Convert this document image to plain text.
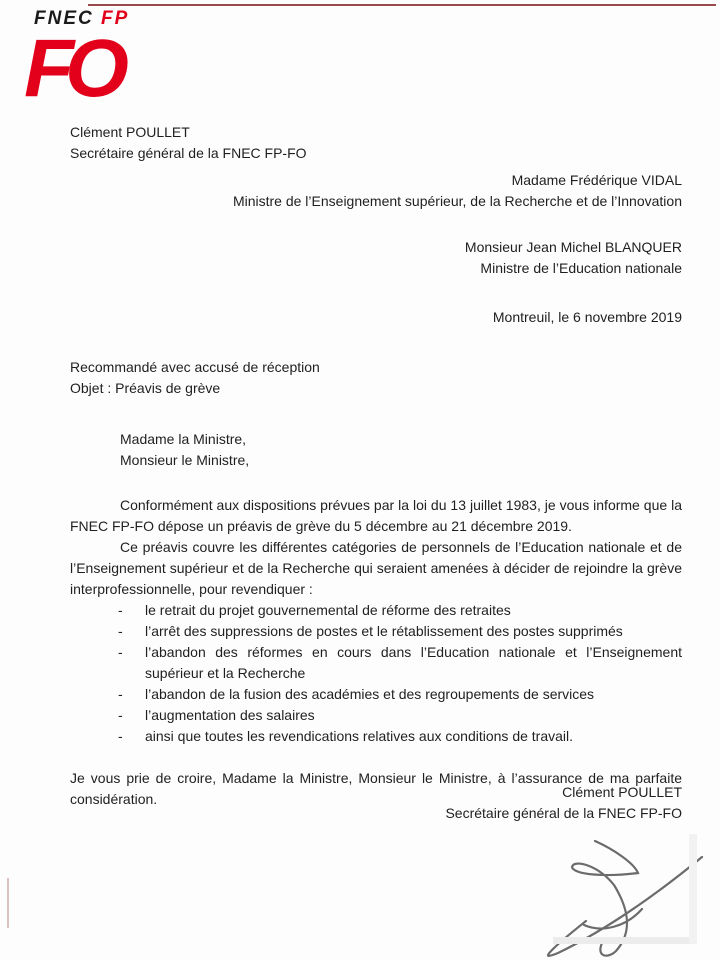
FNEC FP
FO
Clément POULLET
Secrétaire général de la FNEC FP-FO
Madame Frédérique VIDAL
Ministre de l’Enseignement supérieur, de la Recherche et de l’Innovation
Monsieur Jean Michel BLANQUER
Ministre de l’Education nationale
Montreuil, le 6 novembre 2019
Recommandé avec accusé de réception
Objet : Préavis de grève
Madame la Ministre,
Monsieur le Ministre,

Conformément aux dispositions prévues par la loi du 13 juillet 1983, je vous informe que la FNEC FP-FO dépose un préavis de grève du 5 décembre au 21 décembre 2019.

Ce préavis couvre les différentes catégories de personnels de l’Education nationale et de l’Enseignement supérieur et de la Recherche qui seraient amenées à décider de rejoindre la grève interprofessionnelle, pour revendiquer :

- le retrait du projet gouvernemental de réforme des retraites
- l’arrêt des suppressions de postes et le rétablissement des postes supprimés
- l’abandon des réformes en cours dans l’Education nationale et l’Enseignement supérieur et la Recherche
- l’abandon de la fusion des académies et des regroupements de services
- l’augmentation des salaires
- ainsi que toutes les revendications relatives aux conditions de travail.

Je vous prie de croire, Madame la Ministre, Monsieur le Ministre, à l’assurance de ma parfaite considération.	Clément POULLET
Secrétaire général de la FNEC FP-FO
